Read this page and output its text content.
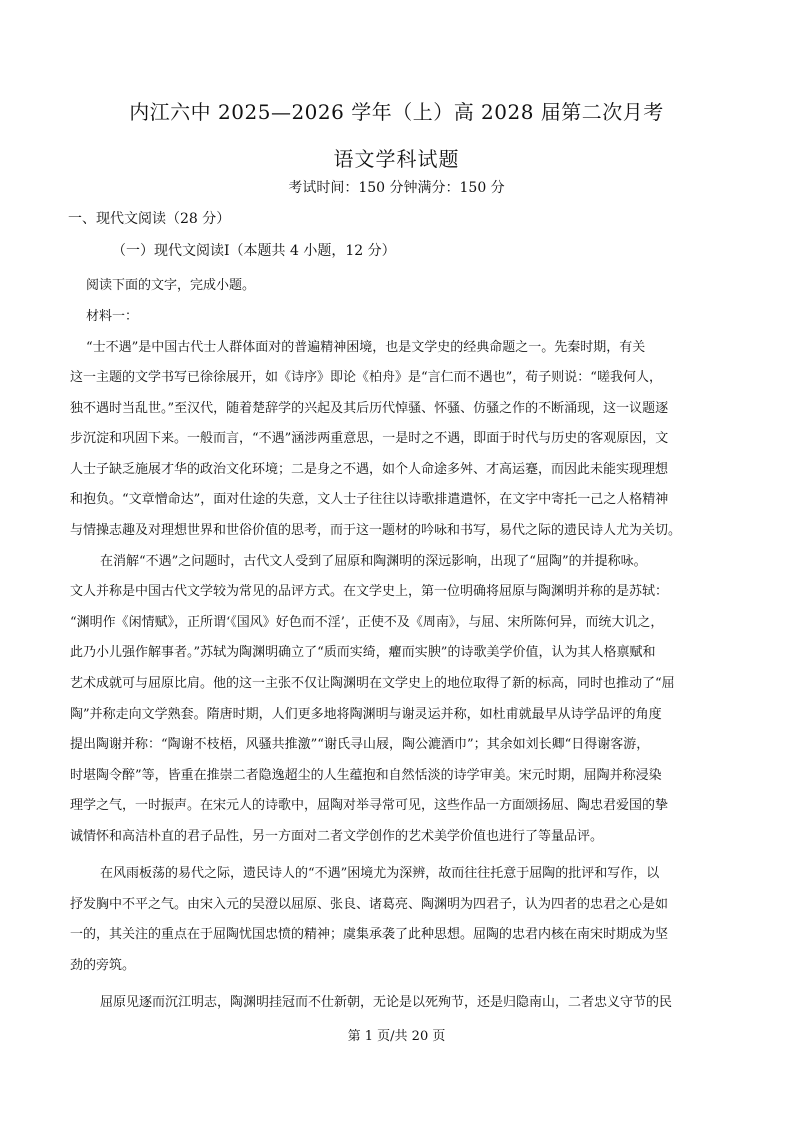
内江六中 2025—2026 学年（上）高 2028 届第二次月考
语文学科试题
考试时间：150 分钟满分：150 分
一、现代文阅读（28 分）
（一）现代文阅读Ⅰ（本题共 4 小题，12 分）
阅读下面的文字，完成小题。
材料一：
“士不遇”是中国古代士人群体面对的普遍精神困境，也是文学史的经典命题之一。先秦时期，有关
这一主题的文学书写已徐徐展开，如《诗序》即论《柏舟》是“言仁而不遇也”，荀子则说：“嗟我何人，
独不遇时当乱世。”至汉代，随着楚辞学的兴起及其后历代悼骚、怀骚、仿骚之作的不断涌现，这一议题逐
步沉淀和巩固下来。一般而言，“不遇”涵涉两重意思，一是时之不遇，即面于时代与历史的客观原因，文
人士子缺乏施展才华的政治文化环境；二是身之不遇，如个人命途多舛、才高运蹇，而因此未能实现理想
和抱负。“文章憎命达”，面对仕途的失意，文人士子往往以诗歌排遣遣怀，在文字中寄托一己之人格精神
与情操志趣及对理想世界和世俗价值的思考，而于这一题材的吟咏和书写，易代之际的遗民诗人尤为关切。
在消解“不遇”之问题时，古代文人受到了屈原和陶渊明的深远影响，出现了“屈陶”的并提称咏。
文人并称是中国古代文学较为常见的品评方式。在文学史上，第一位明确将屈原与陶渊明并称的是苏轼：
“渊明作《闲情赋》，正所谓‘《国风》好色而不淫’，正使不及《周南》，与屈、宋所陈何异，而统大讥之，
此乃小儿强作解事者。”苏轼为陶渊明确立了“质而实绮，癯而实腴”的诗歌美学价值，认为其人格禀赋和
艺术成就可与屈原比肩。他的这一主张不仅让陶渊明在文学史上的地位取得了新的标高，同时也推动了“屈
陶”并称走向文学熟套。隋唐时期，人们更多地将陶渊明与谢灵运并称，如杜甫就最早从诗学品评的角度
提出陶谢并称：“陶谢不枝梧，风骚共推激”“谢氏寻山屐，陶公漉酒巾”；其余如刘长卿“日得谢客游，
时堪陶令醉”等，皆重在推崇二者隐逸超尘的人生蕴抱和自然恬淡的诗学审美。宋元时期，屈陶并称浸染
理学之气，一时振声。在宋元人的诗歌中，屈陶对举寻常可见，这些作品一方面颂扬屈、陶忠君爱国的挚
诚情怀和高洁朴直的君子品性，另一方面对二者文学创作的艺术美学价值也进行了等量品评。
在风雨板荡的易代之际，遗民诗人的“不遇”困境尤为深辨，故而往往托意于屈陶的批评和写作，以
抒发胸中不平之气。由宋入元的吴澄以屈原、张良、诸葛亮、陶渊明为四君子，认为四者的忠君之心是如
一的，其关注的重点在于屈陶忧国忠愤的精神；虞集承袭了此种思想。屈陶的忠君内核在南宋时期成为坚
劲的旁筑。
屈原见逐而沉江明志，陶渊明挂冠而不仕新朝，无论是以死殉节，还是归隐南山，二者忠义守节的民
第 1 页/共 20 页
